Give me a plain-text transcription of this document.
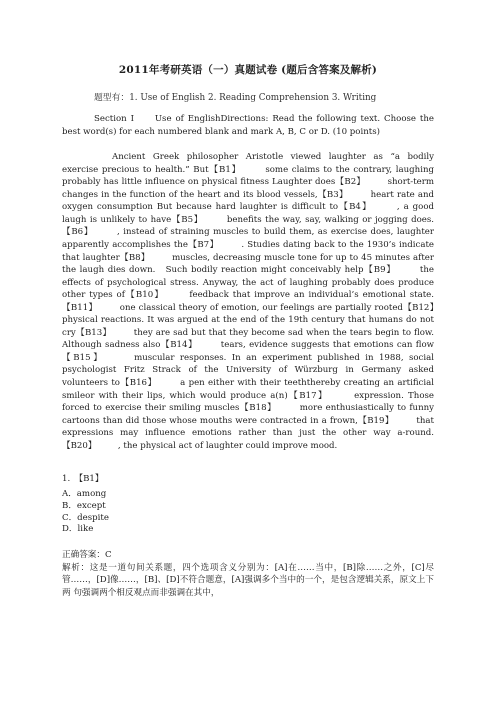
2011年考研英语（一）真题试卷 (题后含答案及解析)
题型有：1. Use of English 2. Reading Comprehension 3. Writing

Section I　　Use of EnglishDirections: Read the following text. Choose the best word(s) for each numbered blank and mark A, B, C or D. (10 points)

Ancient Greek philosopher Aristotle viewed laughter as “a bodily exercise precious to health.” But【B1】　　　some claims to the contrary, laughing probably has little influence on physical fitness Laughter does【B2】　　　short-term changes in the function of the heart and its blood vessels,【B3】　　　heart rate and oxygen consumption But because hard laughter is difficult to【B4】　　　, a good laugh is unlikely to have【B5】　　　benefits the way, say, walking or jogging does.　【B6】　　　, instead of straining muscles to build them, as exercise does, laughter apparently accomplishes the【B7】　　　. Studies dating back to the 1930’s indicate that laughter【B8】　　　muscles, decreasing muscle tone for up to 45 minutes after the laugh dies down.　Such bodily reaction might conceivably help【B9】　　　the effects of psychological stress. Anyway, the act of laughing probably does produce other types of【B10】　　　feedback that improve an individual’s emotional state.【B11】　　　one classical theory of emotion, our feelings are partially rooted【B12】　　　physical reactions. It was argued at the end of the 19th century that humans do not cry【B13】　　　they are sad but that they become sad when the tears begin to flow.　Although sadness also【B14】　　　tears, evidence suggests that emotions can flow【B15】　　　muscular responses. In an experiment published in 1988, social psychologist Fritz Strack of the University of Würzburg in Germany asked volunteers to【B16】　　　a pen either with their teeththereby creating an artificial smileor with their lips, which would produce a(n)【B17】　　　expression. Those forced to exercise their smiling muscles【B18】　　　more enthusiastically to funny cartoons than did those whose mouths were contracted in a frown,【B19】　　　that expressions may influence emotions rather than just the other way a-round.【B20】　　　, the physical act of laughter could improve mood.

1.　【B1】
A．among
B．except
C．despite
D．like
正确答案：C

解析：这是一道句间关系题，四个选项含义分别为：[A]在……当中，[B]除……之外，[C]尽 管……，[D]像……，[B]、[D]不符合题意，[A]强调多个当中的一个，是包含逻辑关系，原文上下两 句强调两个相反观点而非强调在其中，
